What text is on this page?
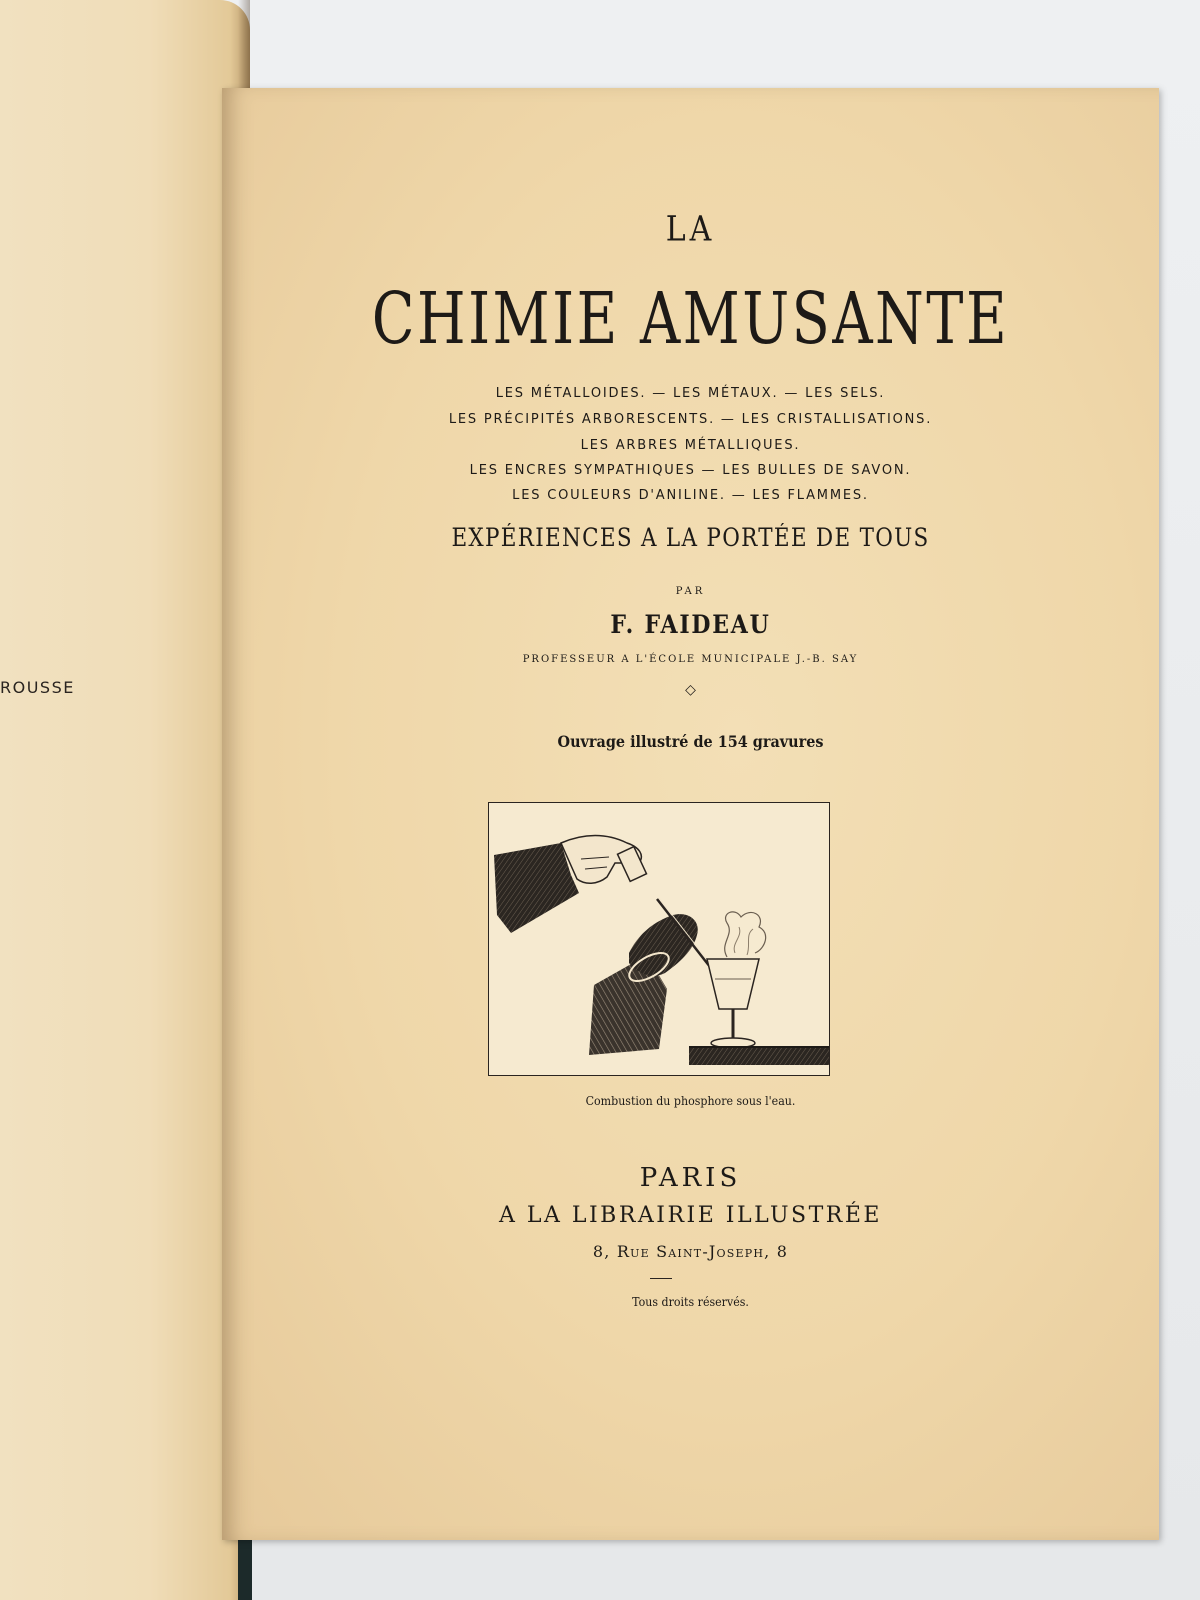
ROUSSE
LA
CHIMIE AMUSANTE
LES MÉTALLOIDES. — LES MÉTAUX. — LES SELS.
LES PRÉCIPITÉS ARBORESCENTS. — LES CRISTALLISATIONS.
LES ARBRES MÉTALLIQUES.
LES ENCRES SYMPATHIQUES — LES BULLES DE SAVON.
LES COULEURS D'ANILINE. — LES FLAMMES.
EXPÉRIENCES A LA PORTÉE DE TOUS
PAR
F. FAIDEAU
PROFESSEUR A L'ÉCOLE MUNICIPALE J.-B. SAY
◇
Ouvrage illustré de 154 gravures
Combustion du phosphore sous l'eau.
PARIS
A LA LIBRAIRIE ILLUSTRÉE
8, Rue Saint-Joseph, 8
Tous droits réservés.
